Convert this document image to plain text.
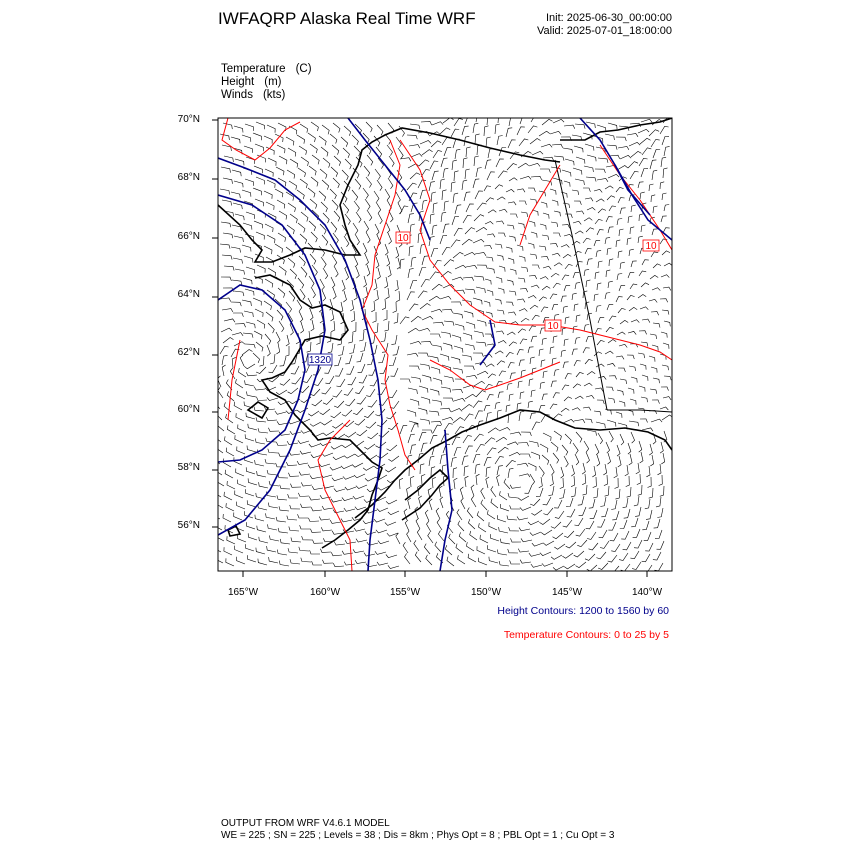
IWFAQRP Alaska Real Time WRF	Init: 2025-06-30_00:00:00
Valid: 2025-07-01_18:00:00
Temperature (C)
Height (m)
Winds (kts)
1320
10
10
10
70°N
68°N
66°N
64°N
62°N
60°N
58°N
56°N
165°W	160°W	155°W	150°W	145°W	140°W
Height Contours: 1200 to 1560 by 60
Temperature Contours: 0 to 25 by 5
OUTPUT FROM WRF V4.6.1 MODEL
WE = 225 ; SN = 225 ; Levels = 38 ; Dis = 8km ; Phys Opt = 8 ; PBL Opt = 1 ; Cu Opt = 3
